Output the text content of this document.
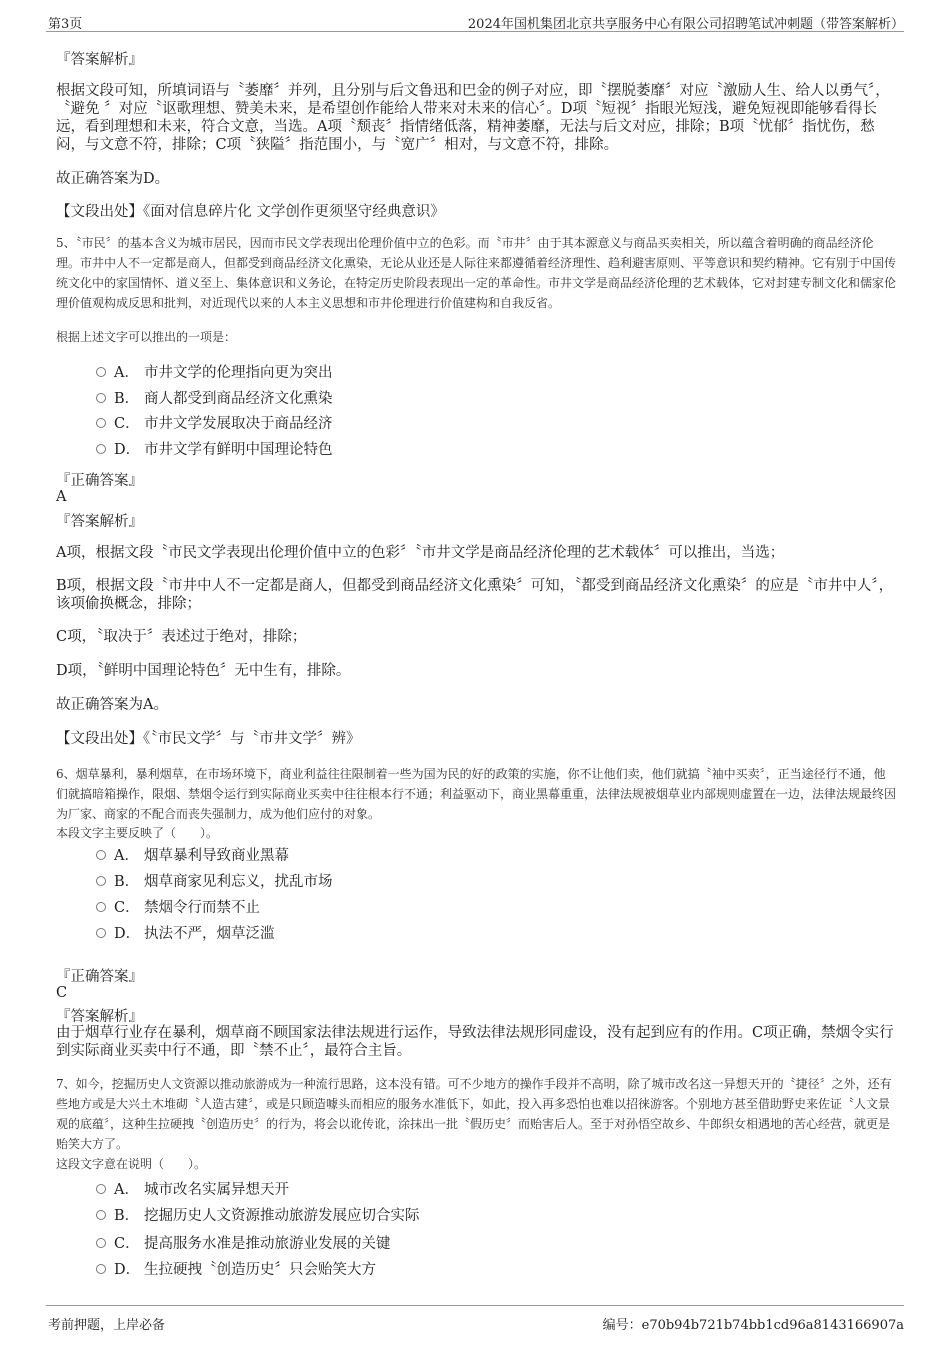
第3页	2024年国机集团北京共享服务中心有限公司招聘笔试冲刺题（带答案解析）
『答案解析』

根据文段可知，所填词语与〝萎靡〞并列，且分别与后文鲁迅和巴金的例子对应，即〝摆脱萎靡〞对应〝激励人生、给人以勇气〞，〝避免 〞对应〝讴歌理想、赞美未来，是希望创作能给人带来对未来的信心〞。D项〝短视〞指眼光短浅，避免短视即能够看得长远，看到理想和未来，符合文意，当选。A项〝颓丧〞指情绪低落，精神萎靡，无法与后文对应，排除；B项〝忧郁〞指忧伤，愁闷，与文意不符，排除；C项〝狭隘〞指范围小，与〝宽广〞相对，与文意不符，排除。

故正确答案为D。
【文段出处】《面对信息碎片化 文学创作更须坚守经典意识》
5、〝市民〞的基本含义为城市居民，因而市民文学表现出伦理价值中立的色彩。而〝市井〞由于其本源意义与商品买卖相关，所以蕴含着明确的商品经济伦理。市井中人不一定都是商人，但都受到商品经济文化熏染，无论从业还是人际往来都遵循着经济理性、趋利避害原则、平等意识和契约精神。它有别于中国传统文化中的家国情怀、道义至上、集体意识和义务论，在特定历史阶段表现出一定的革命性。市井文学是商品经济伦理的艺术载体，它对封建专制文化和儒家伦理价值观构成反思和批判，对近现代以来的人本主义思想和市井伦理进行价值建构和自我反省。
根据上述文字可以推出的一项是：
A． 市井文学的伦理指向更为突出
B． 商人都受到商品经济文化熏染
C． 市井文学发展取决于商品经济
D． 市井文学有鲜明中国理论特色
『正确答案』
A
『答案解析』
A项，根据文段〝市民文学表现出伦理价值中立的色彩〞〝市井文学是商品经济伦理的艺术载体〞可以推出，当选；
B项，根据文段〝市井中人不一定都是商人，但都受到商品经济文化熏染〞可知，〝都受到商品经济文化熏染〞的应是〝市井中人〞，该项偷换概念，排除；
C项，〝取决于〞表述过于绝对，排除；
D项，〝鲜明中国理论特色〞无中生有，排除。
故正确答案为A。
【文段出处】《〝市民文学〞与〝市井文学〞辨》
6、烟草暴利，暴利烟草，在市场环境下，商业利益往往限制着一些为国为民的好的政策的实施，你不让他们卖，他们就搞〝袖中买卖〞，正当途径行不通，他们就搞暗箱操作，限烟、禁烟令运行到实际商业买卖中往往根本行不通；利益驱动下，商业黑幕重重，法律法规被烟草业内部规则虚置在一边，法律法规最终因为厂家、商家的不配合而丧失强制力，成为他们应付的对象。
本段文字主要反映了（　　）。
A． 烟草暴利导致商业黑幕
B． 烟草商家见利忘义，扰乱市场
C． 禁烟令行而禁不止
D． 执法不严，烟草泛滥
『正确答案』
C
『答案解析』
由于烟草行业存在暴利，烟草商不顾国家法律法规进行运作，导致法律法规形同虚设，没有起到应有的作用。C项正确，禁烟令实行到实际商业买卖中行不通，即〝禁不止〞，最符合主旨。
7、如今，挖掘历史人文资源以推动旅游成为一种流行思路，这本没有错。可不少地方的操作手段并不高明，除了城市改名这一异想天开的〝捷径〞之外，还有些地方或是大兴土木堆砌〝人造古建〞，或是只顾造噱头而相应的服务水准低下，如此，投入再多恐怕也难以招徕游客。个别地方甚至借助野史来佐证〝人文景观的底蕴〞，这种生拉硬拽〝创造历史〞的行为，将会以讹传讹，涂抹出一批〝假历史〞而贻害后人。至于对孙悟空故乡、牛郎织女相遇地的苦心经营，就更是贻笑大方了。
这段文字意在说明（　　）。
A． 城市改名实属异想天开
B． 挖掘历史人文资源推动旅游发展应切合实际
C． 提高服务水准是推动旅游业发展的关键
D． 生拉硬拽〝创造历史〞只会贻笑大方
考前押题，上岸必备	编号：e70b94b721b74bb1cd96a8143166907a
